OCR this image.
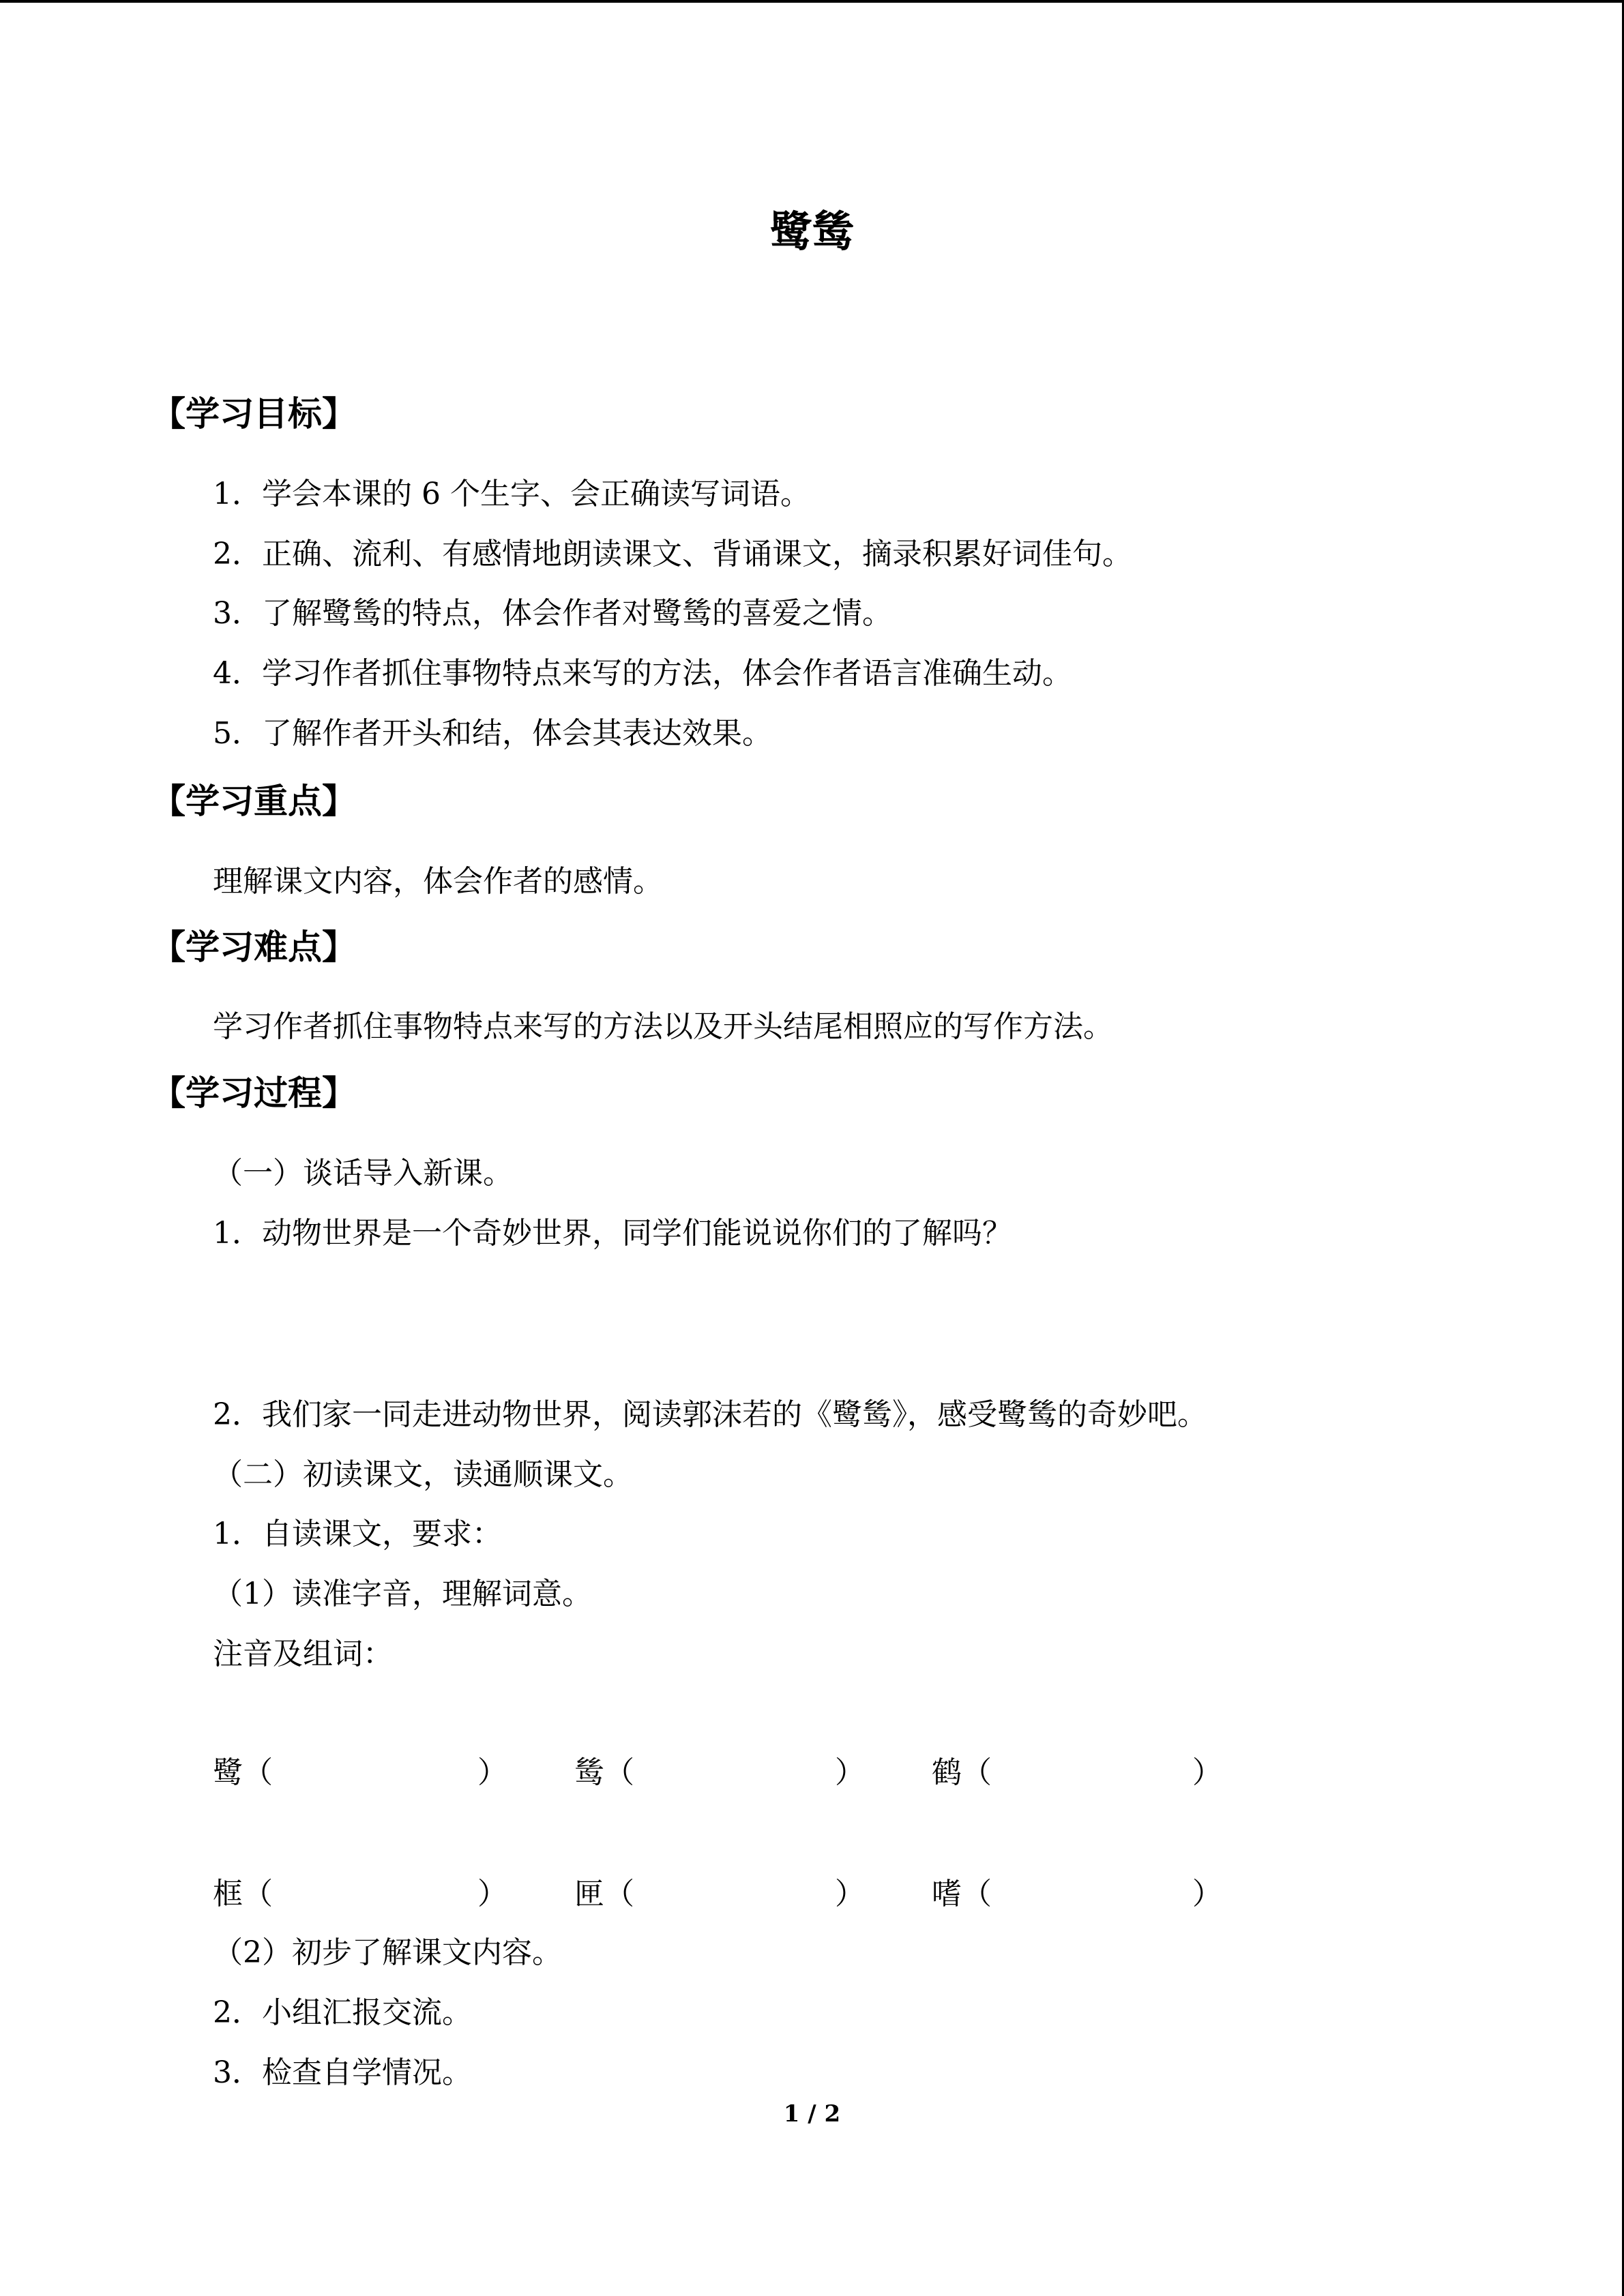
鹭鸶
【学习目标】
1．学会本课的 6 个生字、会正确读写词语。
2．正确、流利、有感情地朗读课文、背诵课文，摘录积累好词佳句。
3．了解鹭鸶的特点，体会作者对鹭鸶的喜爱之情。
4．学习作者抓住事物特点来写的方法，体会作者语言准确生动。
5．了解作者开头和结，体会其表达效果。
【学习重点】
理解课文内容，体会作者的感情。
【学习难点】
学习作者抓住事物特点来写的方法以及开头结尾相照应的写作方法。
【学习过程】
（一）谈话导入新课。
1．动物世界是一个奇妙世界，同学们能说说你们的了解吗？
2．我们家一同走进动物世界，阅读郭沫若的《鹭鸶》，感受鹭鸶的奇妙吧。
（二）初读课文，读通顺课文。
1．自读课文，要求：
（1）读准字音，理解词意。
注音及组词：
鹭（	） 鸶（	） 鹤（	）
框（	） 匣（	） 嗜（	）
（2）初步了解课文内容。
2．小组汇报交流。
3．检查自学情况。
1 / 2
